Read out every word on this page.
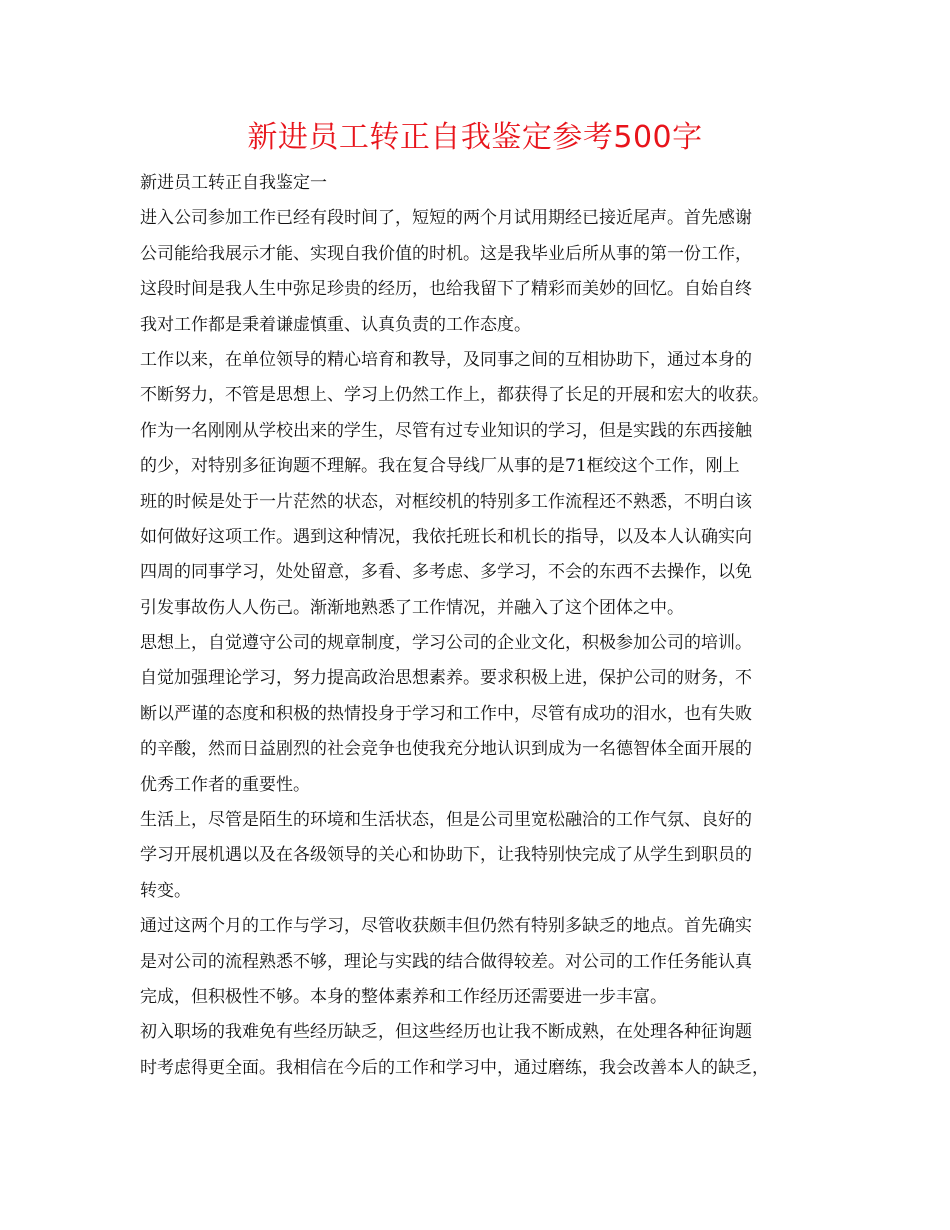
新进员工转正自我鉴定参考500字
新进员工转正自我鉴定一
进入公司参加工作已经有段时间了，短短的两个月试用期经已接近尾声。首先感谢
公司能给我展示才能、实现自我价值的时机。这是我毕业后所从事的第一份工作，
这段时间是我人生中弥足珍贵的经历，也给我留下了精彩而美妙的回忆。自始自终
我对工作都是秉着谦虚慎重、认真负责的工作态度。
工作以来，在单位领导的精心培育和教导，及同事之间的互相协助下，通过本身的
不断努力，不管是思想上、学习上仍然工作上，都获得了长足的开展和宏大的收获。
作为一名刚刚从学校出来的学生，尽管有过专业知识的学习，但是实践的东西接触
的少，对特别多征询题不理解。我在复合导线厂从事的是71框绞这个工作，刚上
班的时候是处于一片茫然的状态，对框绞机的特别多工作流程还不熟悉，不明白该
如何做好这项工作。遇到这种情况，我依托班长和机长的指导，以及本人认确实向
四周的同事学习，处处留意，多看、多考虑、多学习，不会的东西不去操作，以免
引发事故伤人人伤己。渐渐地熟悉了工作情况，并融入了这个团体之中。
思想上，自觉遵守公司的规章制度，学习公司的企业文化，积极参加公司的培训。
自觉加强理论学习，努力提高政治思想素养。要求积极上进，保护公司的财务，不
断以严谨的态度和积极的热情投身于学习和工作中，尽管有成功的泪水，也有失败
的辛酸，然而日益剧烈的社会竞争也使我充分地认识到成为一名德智体全面开展的
优秀工作者的重要性。
生活上，尽管是陌生的环境和生活状态，但是公司里宽松融洽的工作气氛、良好的
学习开展机遇以及在各级领导的关心和协助下，让我特别快完成了从学生到职员的
转变。
通过这两个月的工作与学习，尽管收获颇丰但仍然有特别多缺乏的地点。首先确实
是对公司的流程熟悉不够，理论与实践的结合做得较差。对公司的工作任务能认真
完成，但积极性不够。本身的整体素养和工作经历还需要进一步丰富。
初入职场的我难免有些经历缺乏，但这些经历也让我不断成熟，在处理各种征询题
时考虑得更全面。我相信在今后的工作和学习中，通过磨练，我会改善本人的缺乏，
